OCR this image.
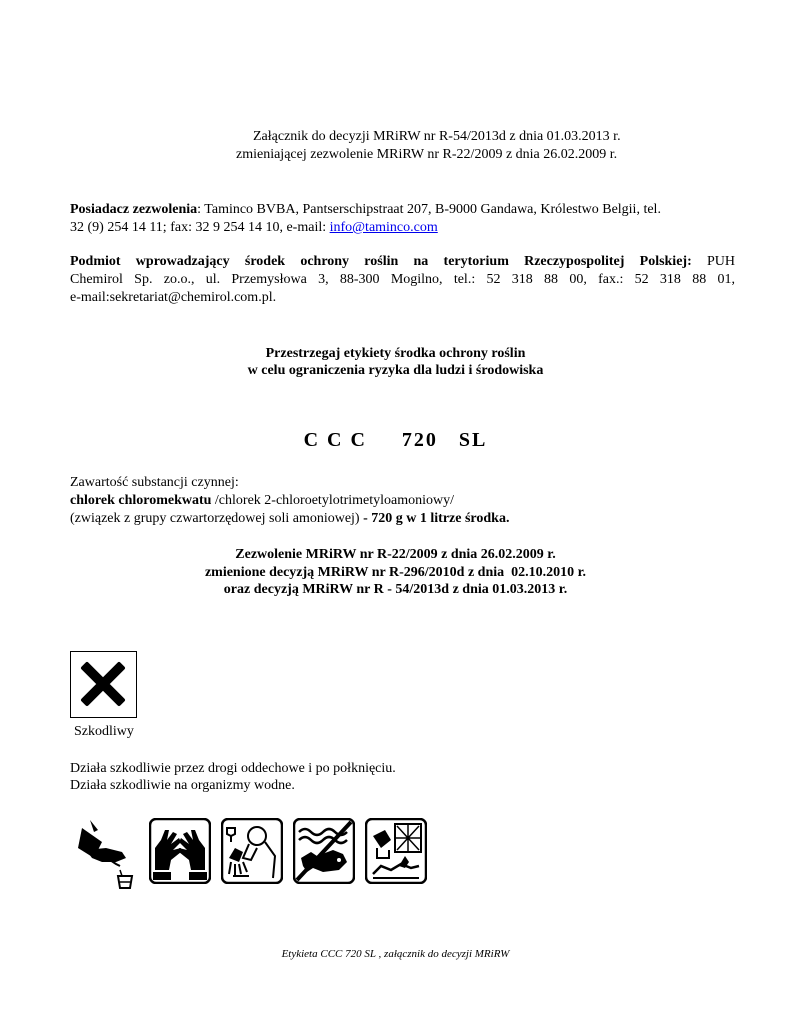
Załącznik do decyzji MRiRW nr R-54/2013d z dnia 01.03.2013 r.
zmieniającej zezwolenie MRiRW nr R-22/2009 z dnia 26.02.2009 r.
Posiadacz zezwolenia: Taminco BVBA, Pantserschipstraat 207, B-9000 Gandawa, Królestwo Belgii, tel.
32 (9) 254 14 11; fax: 32 9 254 14 10, e-mail: info@taminco.com
Podmiot wprowadzający środek ochrony roślin na terytorium Rzeczypospolitej Polskiej: PUH
Chemirol Sp. zo.o., ul. Przemysłowa 3, 88-300 Mogilno, tel.: 52 318 88 00, fax.: 52 318 88 01,
e-mail:sekretariat@chemirol.com.pl.
Przestrzegaj etykiety środka ochrony roślin
w celu ograniczenia ryzyka dla ludzi i środowiska
C C C     720   SL
Zawartość substancji czynnej:
chlorek chloromekwatu /chlorek 2-chloroetylotrimetyloamoniowy/
(związek z grupy czwartorzędowej soli amoniowej) - 720 g w 1 litrze środka.
Zezwolenie MRiRW nr R-22/2009 z dnia 26.02.2009 r.
zmienione decyzją MRiRW nr R-296/2010d z dnia  02.10.2010 r.
oraz decyzją MRiRW nr R - 54/2013d z dnia 01.03.2013 r.
Szkodliwy
Działa szkodliwie przez drogi oddechowe i po połknięciu.
Działa szkodliwie na organizmy wodne.
Etykieta CCC 720 SL , załącznik do decyzji MRiRW
